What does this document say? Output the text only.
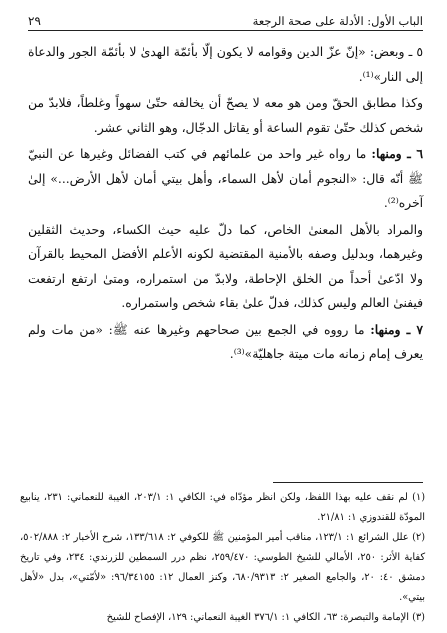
الباب الأول: الأدلة على صحة الرجعة
٢٩

٥ ـ وبعض: «إنّ عزّ الدين وقوامه لا يكون إلّا بأئمّة الهدىٰ لا بأئمّة الجور والدعاة إلى النار»⁽¹⁾.

وكذا مطابق الحقّ ومن هو معه لا يصحّ أن يخالفه حتّىٰ سهواً وغلطاً، فلابدّ من شخص كذلك حتّىٰ تقوم الساعة أو يقاتل الدجّال، وهو الثاني عشر.

٦ ـ ومنها: ما رواه غير واحد من علمائهم في كتب الفضائل وغيرها عن النبيّ ﷺ أنّه قال: «النجوم أمان لأهل السماء، وأهل بيتي أمان لأهل الأرض...» إلىٰ آخره⁽²⁾.

والمراد بالأهل المعنىٰ الخاص، كما دلّ عليه حيث الكساء، وحديث الثقلين وغيرهما، وبدليل وصفه بالأمنية المقتضية لكونه الأعلم الأفضل المحيط بالقرآن ولا ادّعىٰ أحداً من الخلق الإحاطة، ولابدّ من استمراره، ومتىٰ ارتفع ارتفعت فيفنىٰ العالم وليس كذلك، فدلّ علىٰ بقاء شخص واستمراره.

٧ ـ ومنها: ما رووه في الجمع بين صحاحهم وغيرها عنه ﷺ: «من مات ولم يعرف إمام زمانه مات ميتة جاهليّة»⁽³⁾.

(١) لم نقف عليه بهذا اللفظ، ولكن انظر مؤدّاه في: الكافي ١: ٢٠٣/١، الغيبة للنعماني: ٢٣١، ينابيع المودّة للقندوزي ١: ٢١/٨١.

(٢) علل الشرائع ١: ١٢٣/١، مناقب أمير المؤمنين ﷺ للكوفي ٢: ١٣٣/٦١٨، شرح الأخبار ٢: ٥٠٢/٨٨٨، كفاية الأثر: ٢٥٠، الأمالي للشيخ الطوسي: ٢٥٩/٤٧٠، نظم درر السمطين للزرندي: ٢٣٤، وفي تاريخ دمشق ٤٠: ٢٠، والجامع الصغير ٢: ٦٨٠/٩٣١٣، وكنز العمال ١٢: ٩٦/٣٤١٥٥: «لأمّتي»، بدل «لأهل بيتي».

(٣) الإمامة والتبصرة: ٦٣، الكافي ١: ٣٧٦/١ الغيبة النعماني: ١٢٩، الإفصاح للشيخ
